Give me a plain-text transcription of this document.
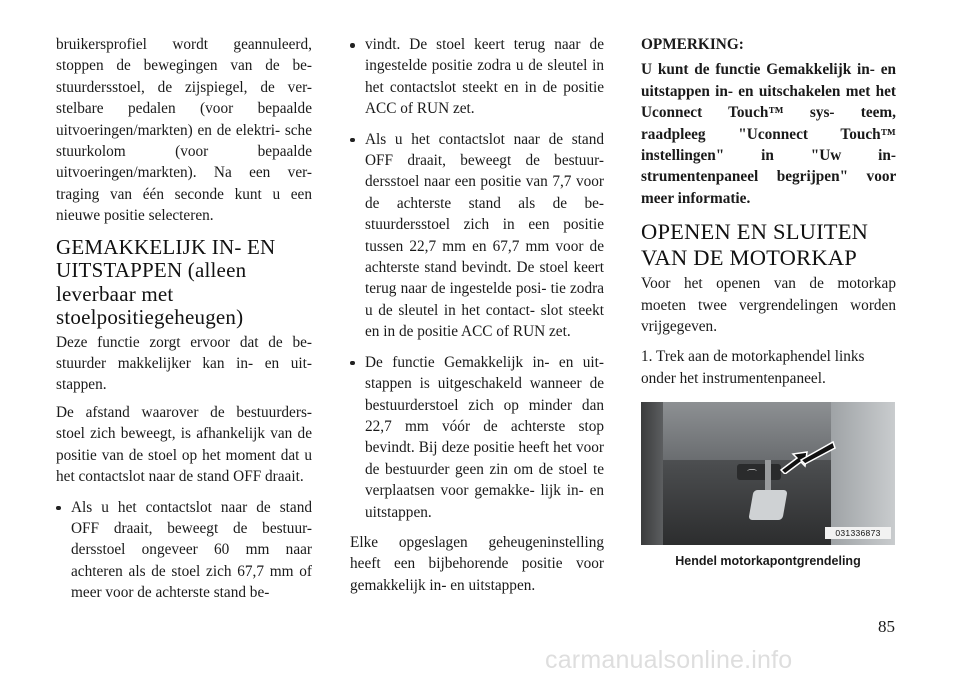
bruikersprofiel wordt geannuleerd, stoppen de bewegingen van de be- stuurdersstoel, de zijspiegel, de ver- stelbare pedalen (voor bepaalde uitvoeringen/markten) en de elektri- sche stuurkolom (voor bepaalde uitvoeringen/markten). Na een ver- traging van één seconde kunt u een nieuwe positie selecteren.

GEMAKKELIJK IN- EN
UITSTAPPEN (alleen
leverbaar met
stoelpositiegeheugen)

Deze functie zorgt ervoor dat de be- stuurder makkelijker kan in- en uit- stappen.

De afstand waarover de bestuurders- stoel zich beweegt, is afhankelijk van de positie van de stoel op het moment dat u het contactslot naar de stand OFF draait.

Als u het contactslot naar de stand OFF draait, beweegt de bestuur- dersstoel ongeveer 60 mm naar achteren als de stoel zich 67,7 mm of meer voor de achterste stand be-
vindt. De stoel keert terug naar de ingestelde positie zodra u de sleutel in het contactslot steekt en in de positie ACC of RUN zet.
Als u het contactslot naar de stand OFF draait, beweegt de bestuur- dersstoel naar een positie van 7,7 voor de achterste stand als de be- stuurdersstoel zich in een positie tussen 22,7 mm en 67,7 mm voor de achterste stand bevindt. De stoel keert terug naar de ingestelde posi- tie zodra u de sleutel in het contact- slot steekt en in de positie ACC of RUN zet.
De functie Gemakkelijk in- en uit- stappen is uitgeschakeld wanneer de bestuurderstoel zich op minder dan 22,7 mm vóór de achterste stop bevindt. Bij deze positie heeft het voor de bestuurder geen zin om de stoel te verplaatsen voor gemakke- lijk in- en uitstappen.

Elke opgeslagen geheugeninstelling heeft een bijbehorende positie voor gemakkelijk in- en uitstappen.

OPMERKING:

U kunt de functie Gemakkelijk in- en uitstappen in- en uitschakelen met het Uconnect Touch™ sys- teem, raadpleeg "Uconnect Touch™ instellingen" in "Uw in- strumentenpaneel begrijpen" voor meer informatie.

OPENEN EN SLUITEN
VAN DE MOTORKAP

Voor het openen van de motorkap moeten twee vergrendelingen worden vrijgegeven.

1. Trek aan de motorkaphendel links onder het instrumentenpaneel.

⌒
031336873
Hendel motorkapontgrendeling
85
carmanualsonline.info
